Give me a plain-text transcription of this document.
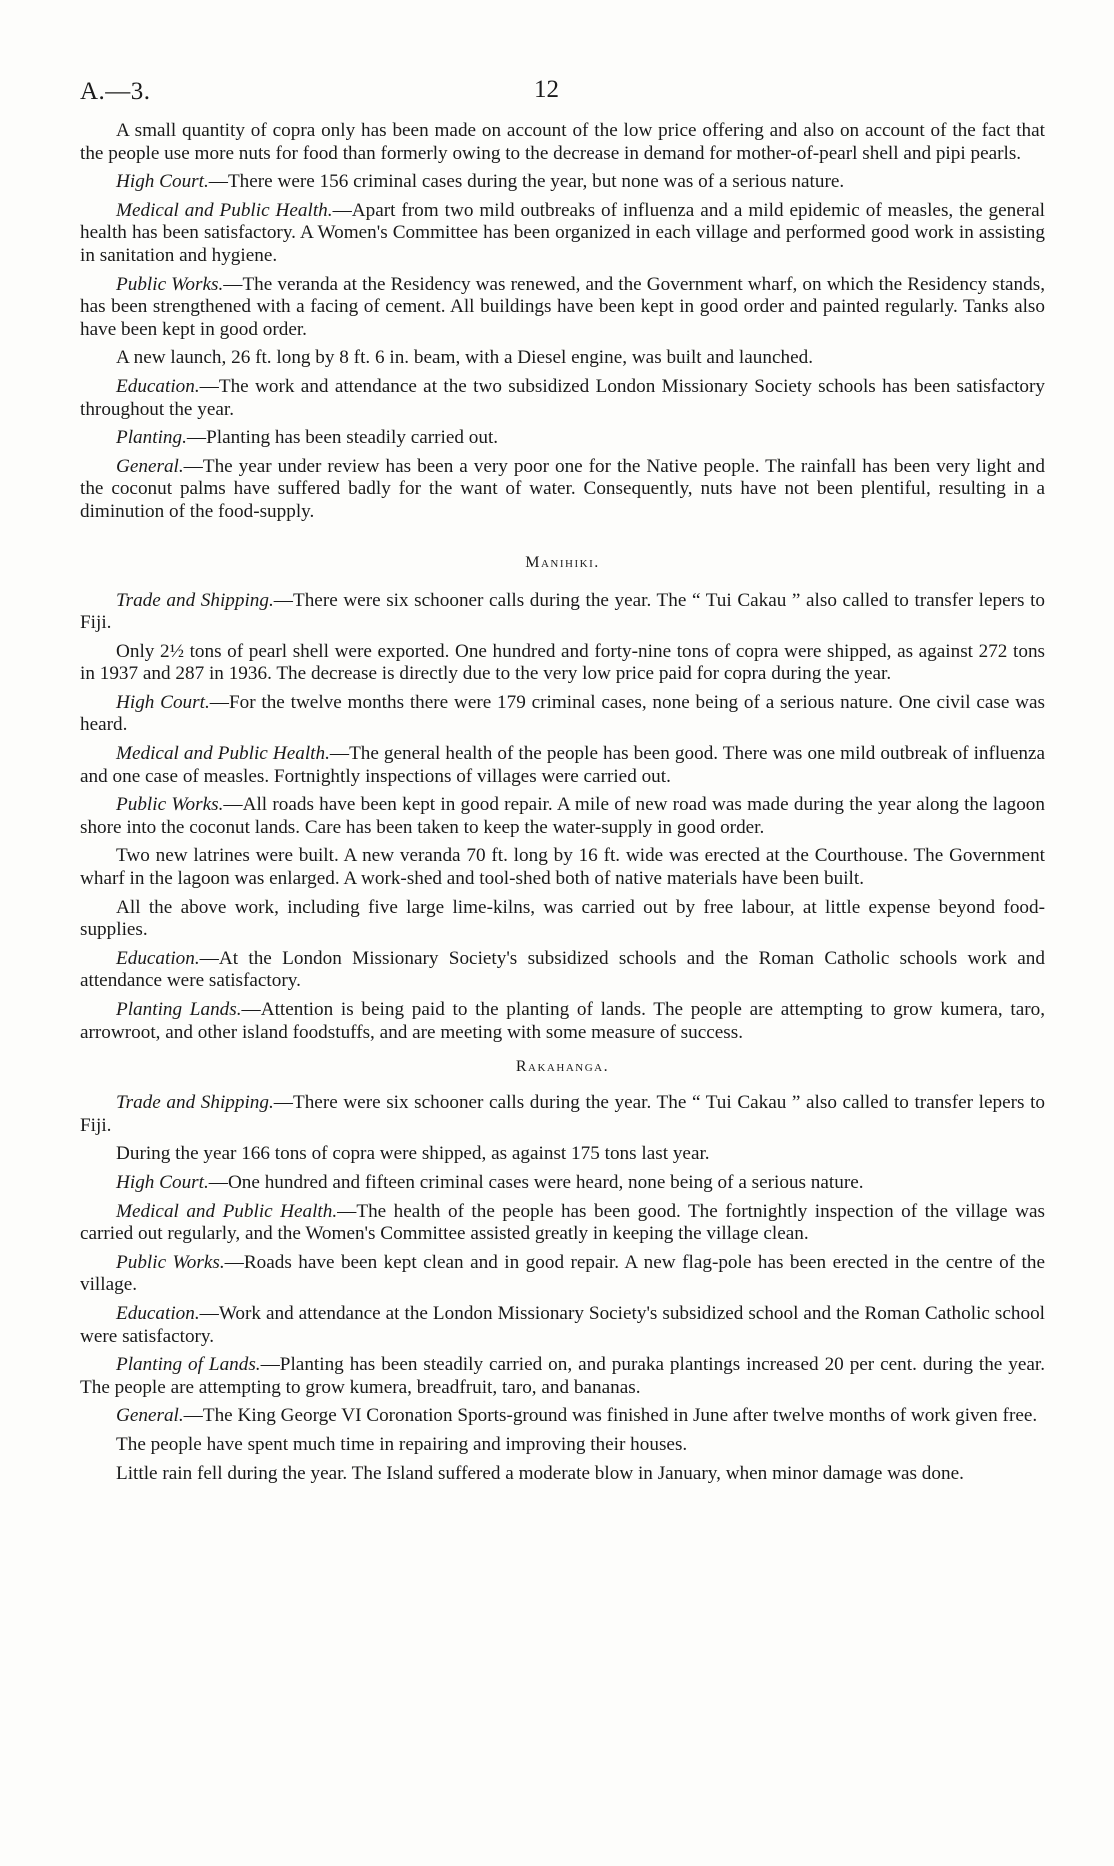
A.—3.	12

A small quantity of copra only has been made on account of the low price offering and also on account of the fact that the people use more nuts for food than formerly owing to the decrease in demand for mother-of-pearl shell and pipi pearls.

High Court.—There were 156 criminal cases during the year, but none was of a serious nature.

Medical and Public Health.—Apart from two mild outbreaks of influenza and a mild epidemic of measles, the general health has been satisfactory. A Women's Committee has been organized in each village and performed good work in assisting in sanitation and hygiene.

Public Works.—The veranda at the Residency was renewed, and the Government wharf, on which the Residency stands, has been strengthened with a facing of cement. All buildings have been kept in good order and painted regularly. Tanks also have been kept in good order.

A new launch, 26 ft. long by 8 ft. 6 in. beam, with a Diesel engine, was built and launched.

Education.—The work and attendance at the two subsidized London Missionary Society schools has been satisfactory throughout the year.

Planting.—Planting has been steadily carried out.

General.—The year under review has been a very poor one for the Native people. The rainfall has been very light and the coconut palms have suffered badly for the want of water. Consequently, nuts have not been plentiful, resulting in a diminution of the food-supply.

Manihiki.

Trade and Shipping.—There were six schooner calls during the year. The “ Tui Cakau ” also called to transfer lepers to Fiji.

Only 2½ tons of pearl shell were exported. One hundred and forty-nine tons of copra were shipped, as against 272 tons in 1937 and 287 in 1936. The decrease is directly due to the very low price paid for copra during the year.

High Court.—For the twelve months there were 179 criminal cases, none being of a serious nature. One civil case was heard.

Medical and Public Health.—The general health of the people has been good. There was one mild outbreak of influenza and one case of measles. Fortnightly inspections of villages were carried out.

Public Works.—All roads have been kept in good repair. A mile of new road was made during the year along the lagoon shore into the coconut lands. Care has been taken to keep the water-supply in good order.

Two new latrines were built. A new veranda 70 ft. long by 16 ft. wide was erected at the Courthouse. The Government wharf in the lagoon was enlarged. A work-shed and tool-shed both of native materials have been built.

All the above work, including five large lime-kilns, was carried out by free labour, at little expense beyond food-supplies.

Education.—At the London Missionary Society's subsidized schools and the Roman Catholic schools work and attendance were satisfactory.

Planting Lands.—Attention is being paid to the planting of lands. The people are attempting to grow kumera, taro, arrowroot, and other island foodstuffs, and are meeting with some measure of success.

Rakahanga.

Trade and Shipping.—There were six schooner calls during the year. The “ Tui Cakau ” also called to transfer lepers to Fiji.

During the year 166 tons of copra were shipped, as against 175 tons last year.

High Court.—One hundred and fifteen criminal cases were heard, none being of a serious nature.

Medical and Public Health.—The health of the people has been good. The fortnightly inspection of the village was carried out regularly, and the Women's Committee assisted greatly in keeping the village clean.

Public Works.—Roads have been kept clean and in good repair. A new flag-pole has been erected in the centre of the village.

Education.—Work and attendance at the London Missionary Society's subsidized school and the Roman Catholic school were satisfactory.

Planting of Lands.—Planting has been steadily carried on, and puraka plantings increased 20 per cent. during the year. The people are attempting to grow kumera, breadfruit, taro, and bananas.

General.—The King George VI Coronation Sports-ground was finished in June after twelve months of work given free.

The people have spent much time in repairing and improving their houses.

Little rain fell during the year. The Island suffered a moderate blow in January, when minor damage was done.
